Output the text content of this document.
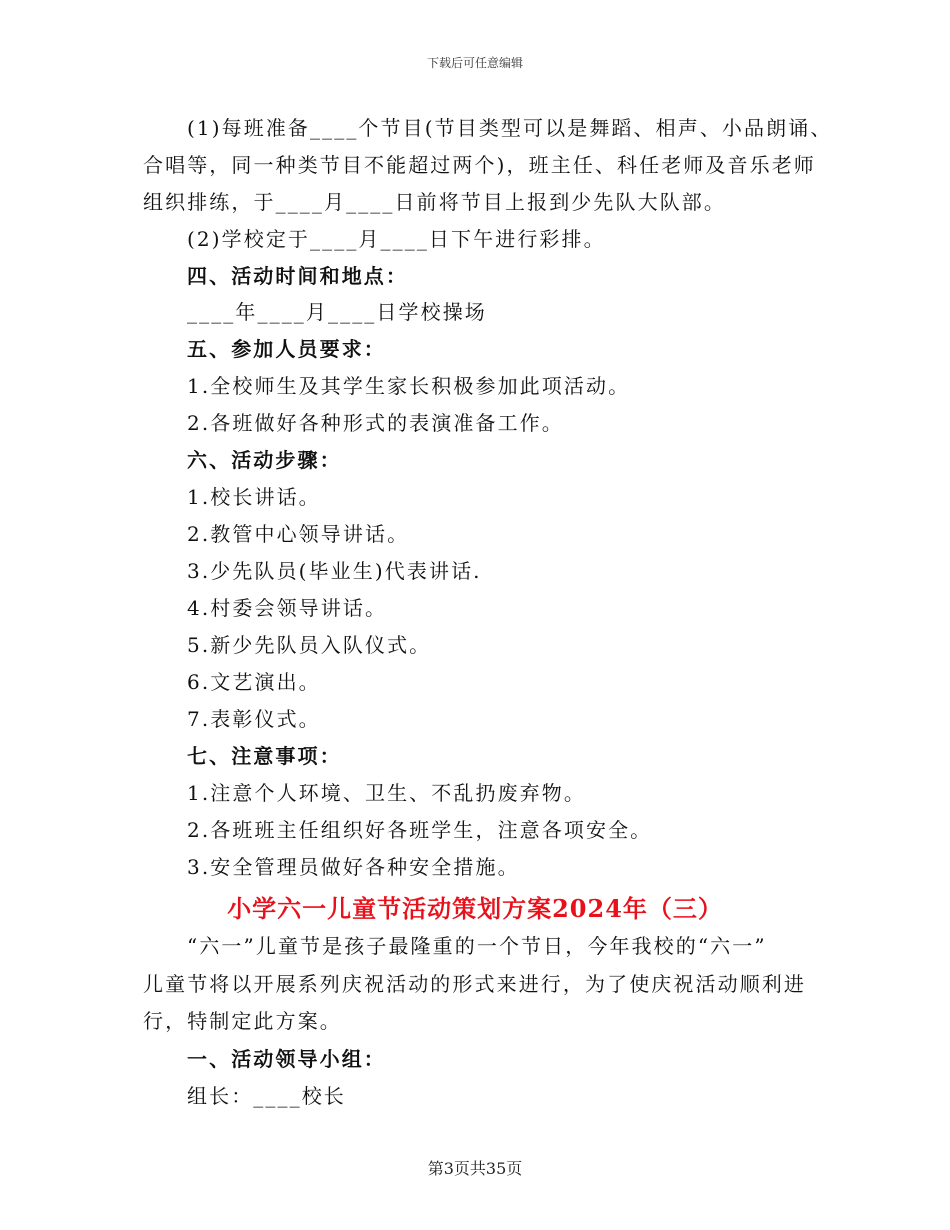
下载后可任意编辑
(1)每班准备____个节目(节目类型可以是舞蹈、相声、小品朗诵、
合唱等，同一种类节目不能超过两个)，班主任、科任老师及音乐老师
组织排练，于____月____日前将节目上报到少先队大队部。
(2)学校定于____月____日下午进行彩排。
四、活动时间和地点：
____年____月____日学校操场
五、参加人员要求：
1.全校师生及其学生家长积极参加此项活动。
2.各班做好各种形式的表演准备工作。
六、活动步骤：
1.校长讲话。
2.教管中心领导讲话。
3.少先队员(毕业生)代表讲话.
4.村委会领导讲话。
5.新少先队员入队仪式。
6.文艺演出。
7.表彰仪式。
七、注意事项：
1.注意个人环境、卫生、不乱扔废弃物。
2.各班班主任组织好各班学生，注意各项安全。
3.安全管理员做好各种安全措施。
小学六一儿童节活动策划方案2024年（三）
“六一”儿童节是孩子最隆重的一个节日，今年我校的“六一”
儿童节将以开展系列庆祝活动的形式来进行，为了使庆祝活动顺利进
行，特制定此方案。
一、活动领导小组：
组长：____校长
第3页共35页
